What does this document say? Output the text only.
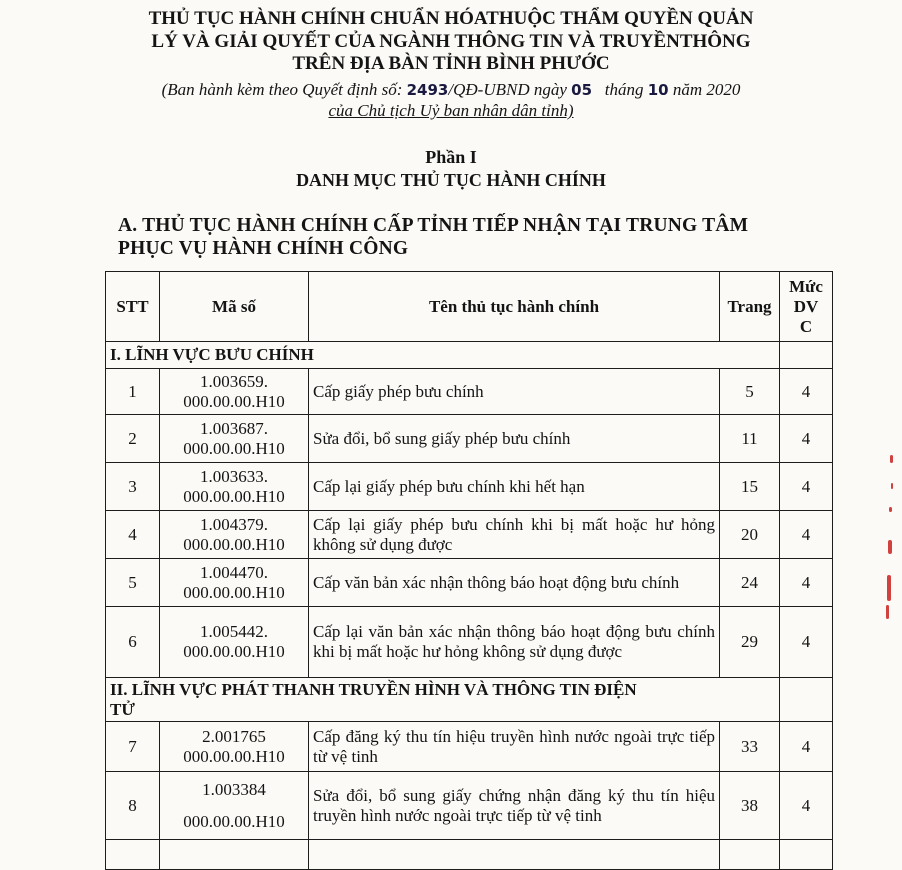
THỦ TỤC HÀNH CHÍNH CHUẨN HÓATHUỘC THẨM QUYỀN QUẢN
LÝ VÀ GIẢI QUYẾT CỦA NGÀNH THÔNG TIN VÀ TRUYỀNTHÔNG
TRÊN ĐỊA BÀN TỈNH BÌNH PHƯỚC
(Ban hành kèm theo Quyết định số: 2493/QĐ-UBND ngày 05 tháng 10 năm 2020
của Chủ tịch Uỷ ban nhân dân tỉnh)
Phần I
DANH MỤC THỦ TỤC HÀNH CHÍNH
A. THỦ TỤC HÀNH CHÍNH CẤP TỈNH TIẾP NHẬN TẠI TRUNG TÂM
PHỤC VỤ HÀNH CHÍNH CÔNG
STT	Mã số	Tên thủ tục hành chính	Trang	Mức
DV
C

I. LĨNH VỰC BƯU CHÍNH				
1	1.003659.
000.00.00.H10	Cấp giấy phép bưu chính	5	4
2	1.003687.
000.00.00.H10	Sửa đổi, bổ sung giấy phép bưu chính	11	4
3	1.003633.
000.00.00.H10	Cấp lại giấy phép bưu chính khi hết hạn	15	4
4	1.004379.
000.00.00.H10	Cấp lại giấy phép bưu chính khi bị mất hoặc hư hỏng không sử dụng được	20	4
5	1.004470.
000.00.00.H10	Cấp văn bản xác nhận thông báo hoạt động bưu chính	24	4
6	1.005442.
000.00.00.H10	Cấp lại văn bản xác nhận thông báo hoạt động bưu chính khi bị mất hoặc hư hỏng không sử dụng được	29	4

II. LĨNH VỰC PHÁT THANH TRUYỀN HÌNH VÀ THÔNG TIN ĐIỆN
TỬ				

7	2.001765
000.00.00.H10	Cấp đăng ký thu tín hiệu truyền hình nước ngoài trực tiếp từ vệ tinh	33	4
8	1.003384
000.00.00.H10	Sửa đổi, bổ sung giấy chứng nhận đăng ký thu tín hiệu truyền hình nước ngoài trực tiếp từ vệ tinh	38	4
